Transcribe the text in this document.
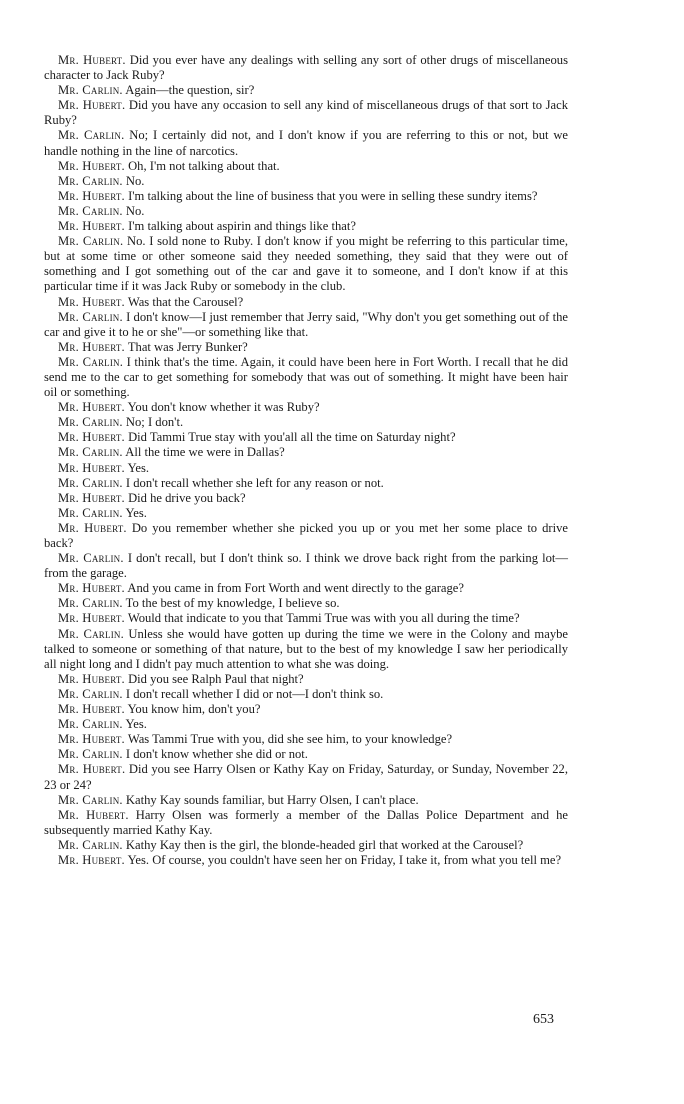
Mr. Hubert. Did you ever have any dealings with selling any sort of other drugs of miscellaneous character to Jack Ruby?

Mr. Carlin. Again—the question, sir?

Mr. Hubert. Did you have any occasion to sell any kind of miscellaneous drugs of that sort to Jack Ruby?

Mr. Carlin. No; I certainly did not, and I don't know if you are referring to this or not, but we handle nothing in the line of narcotics.

Mr. Hubert. Oh, I'm not talking about that.

Mr. Carlin. No.

Mr. Hubert. I'm talking about the line of business that you were in selling these sundry items?

Mr. Carlin. No.

Mr. Hubert. I'm talking about aspirin and things like that?

Mr. Carlin. No. I sold none to Ruby. I don't know if you might be referring to this particular time, but at some time or other someone said they needed something, they said that they were out of something and I got something out of the car and gave it to someone, and I don't know if at this particular time if it was Jack Ruby or somebody in the club.

Mr. Hubert. Was that the Carousel?

Mr. Carlin. I don't know—I just remember that Jerry said, "Why don't you get something out of the car and give it to he or she"—or something like that.

Mr. Hubert. That was Jerry Bunker?

Mr. Carlin. I think that's the time. Again, it could have been here in Fort Worth. I recall that he did send me to the car to get something for somebody that was out of something. It might have been hair oil or something.

Mr. Hubert. You don't know whether it was Ruby?

Mr. Carlin. No; I don't.

Mr. Hubert. Did Tammi True stay with you'all all the time on Saturday night?

Mr. Carlin. All the time we were in Dallas?

Mr. Hubert. Yes.

Mr. Carlin. I don't recall whether she left for any reason or not.

Mr. Hubert. Did he drive you back?

Mr. Carlin. Yes.

Mr. Hubert. Do you remember whether she picked you up or you met her some place to drive back?

Mr. Carlin. I don't recall, but I don't think so. I think we drove back right from the parking lot—from the garage.

Mr. Hubert. And you came in from Fort Worth and went directly to the garage?

Mr. Carlin. To the best of my knowledge, I believe so.

Mr. Hubert. Would that indicate to you that Tammi True was with you all during the time?

Mr. Carlin. Unless she would have gotten up during the time we were in the Colony and maybe talked to someone or something of that nature, but to the best of my knowledge I saw her periodically all night long and I didn't pay much attention to what she was doing.

Mr. Hubert. Did you see Ralph Paul that night?

Mr. Carlin. I don't recall whether I did or not—I don't think so.

Mr. Hubert. You know him, don't you?

Mr. Carlin. Yes.

Mr. Hubert. Was Tammi True with you, did she see him, to your knowledge?

Mr. Carlin. I don't know whether she did or not.

Mr. Hubert. Did you see Harry Olsen or Kathy Kay on Friday, Saturday, or Sunday, November 22, 23 or 24?

Mr. Carlin. Kathy Kay sounds familiar, but Harry Olsen, I can't place.

Mr. Hubert. Harry Olsen was formerly a member of the Dallas Police Department and he subsequently married Kathy Kay.

Mr. Carlin. Kathy Kay then is the girl, the blonde-headed girl that worked at the Carousel?

Mr. Hubert. Yes. Of course, you couldn't have seen her on Friday, I take it, from what you tell me?

653
